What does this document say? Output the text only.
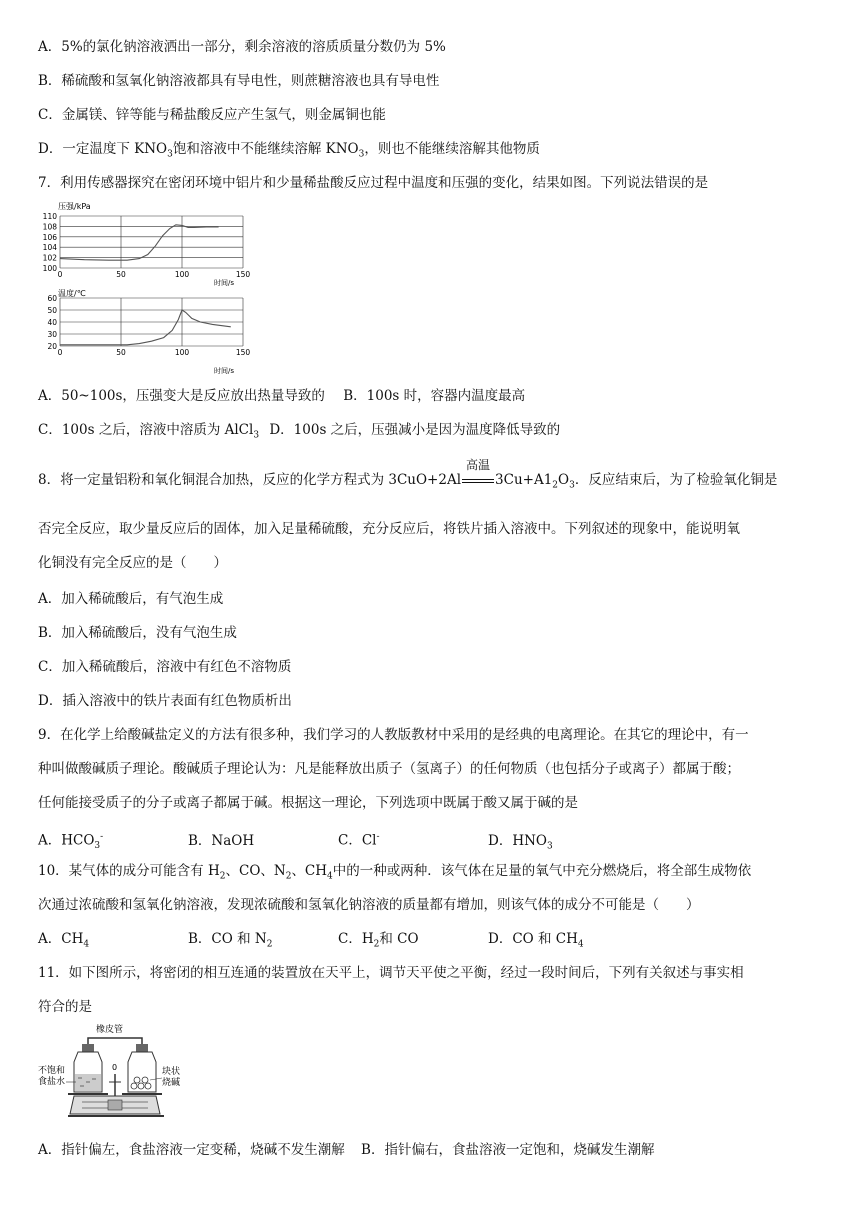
A．5%的氯化钠溶液洒出一部分，剩余溶液的溶质质量分数仍为 5%
B．稀硫酸和氢氧化钠溶液都具有导电性，则蔗糖溶液也具有导电性
C．金属镁、锌等能与稀盐酸反应产生氢气，则金属铜也能
D．一定温度下 $KNO_3$饱和溶液中不能继续溶解 $KNO_3$，则也不能继续溶解其他物质
7．利用传感器探究在密闭环境中铝片和少量稀盐酸反应过程中温度和压强的变化，结果如图。下列说法错误的是
压强/kPa
110
108
106
104
102
100
0	50	100	150
时间/s
温度/℃
60
50
40
30
20
0	50	100	150
时间/s
A．50~100s，压强变大是反应放出热量导致的 B．100s 时，容器内温度最高
C．100s 之后，溶液中溶质为 AlCl$_3$ D．100s 之后，压强减小是因为温度降低导致的
8．将一定量铝粉和氧化铜混合加热，反应的化学方程式为 3CuO+2Al
高温
$3Cu+A1_2O_3$．反应结束后，为了检验氧化铜是
否完全反应，取少量反应后的固体，加入足量稀硫酸，充分反应后，将铁片插入溶液中。下列叙述的现象中，能说明氧
化铜没有完全反应的是（　　）
A．加入稀硫酸后，有气泡生成
B．加入稀硫酸后，没有气泡生成
C．加入稀硫酸后，溶液中有红色不溶物质
D．插入溶液中的铁片表面有红色物质析出
9．在化学上给酸碱盐定义的方法有很多种，我们学习的人教版教材中采用的是经典的电离理论。在其它的理论中，有一
种叫做酸碱质子理论。酸碱质子理论认为：凡是能释放出质子（氢离子）的任何物质（也包括分子或离子）都属于酸；
任何能接受质子的分子或离子都属于碱。根据这一理论，下列选项中既属于酸又属于碱的是
A．$HCO_3^-$	B．NaOH	C．Cl-	D．$HNO_3$
10．某气体的成分可能含有 $H_2$、CO、$N_2$、$CH_4$中的一种或两种．该气体在足量的氧气中充分燃烧后，将全部生成物依
次通过浓硫酸和氢氧化钠溶液，发现浓硫酸和氢氧化钠溶液的质量都有增加，则该气体的成分不可能是（　　）
A．$CH_4$	B．CO 和 $N_2$	C．$H_2$和 CO	D．CO 和 $CH_4$
11．如下图所示，将密闭的相互连通的装置放在天平上，调节天平使之平衡，经过一段时间后，下列有关叙述与事实相
符合的是
橡皮管
0
不饱和
食盐水
块状
烧碱
A．指针偏左，食盐溶液一定变稀，烧碱不发生潮解 B．指针偏右，食盐溶液一定饱和，烧碱发生潮解
